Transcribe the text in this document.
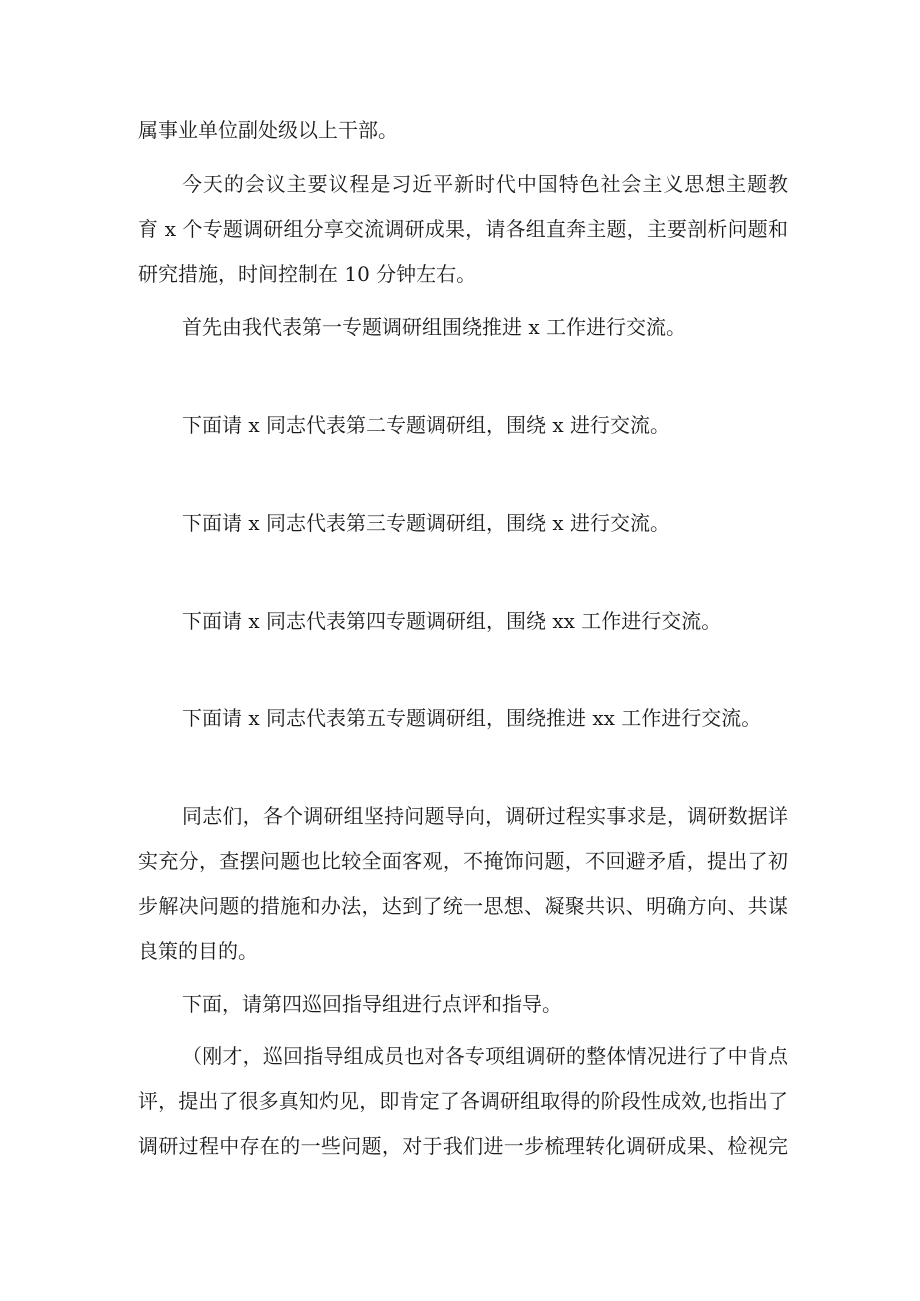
属事业单位副处级以上干部。
今天的会议主要议程是习近平新时代中国特色社会主义思想主题教
育 x 个专题调研组分享交流调研成果，请各组直奔主题，主要剖析问题和
研究措施，时间控制在 10 分钟左右。
首先由我代表第一专题调研组围绕推进 x 工作进行交流。
下面请 x 同志代表第二专题调研组，围绕 x 进行交流。
下面请 x 同志代表第三专题调研组，围绕 x 进行交流。
下面请 x 同志代表第四专题调研组，围绕 xx 工作进行交流。
下面请 x 同志代表第五专题调研组，围绕推进 xx 工作进行交流。
同志们，各个调研组坚持问题导向，调研过程实事求是，调研数据详
实充分，查摆问题也比较全面客观，不掩饰问题，不回避矛盾，提出了初
步解决问题的措施和办法，达到了统一思想、凝聚共识、明确方向、共谋
良策的目的。
下面，请第四巡回指导组进行点评和指导。
（刚才，巡回指导组成员也对各专项组调研的整体情况进行了中肯点
评，提出了很多真知灼见，即肯定了各调研组取得的阶段性成效,也指出了
调研过程中存在的一些问题，对于我们进一步梳理转化调研成果、检视完
